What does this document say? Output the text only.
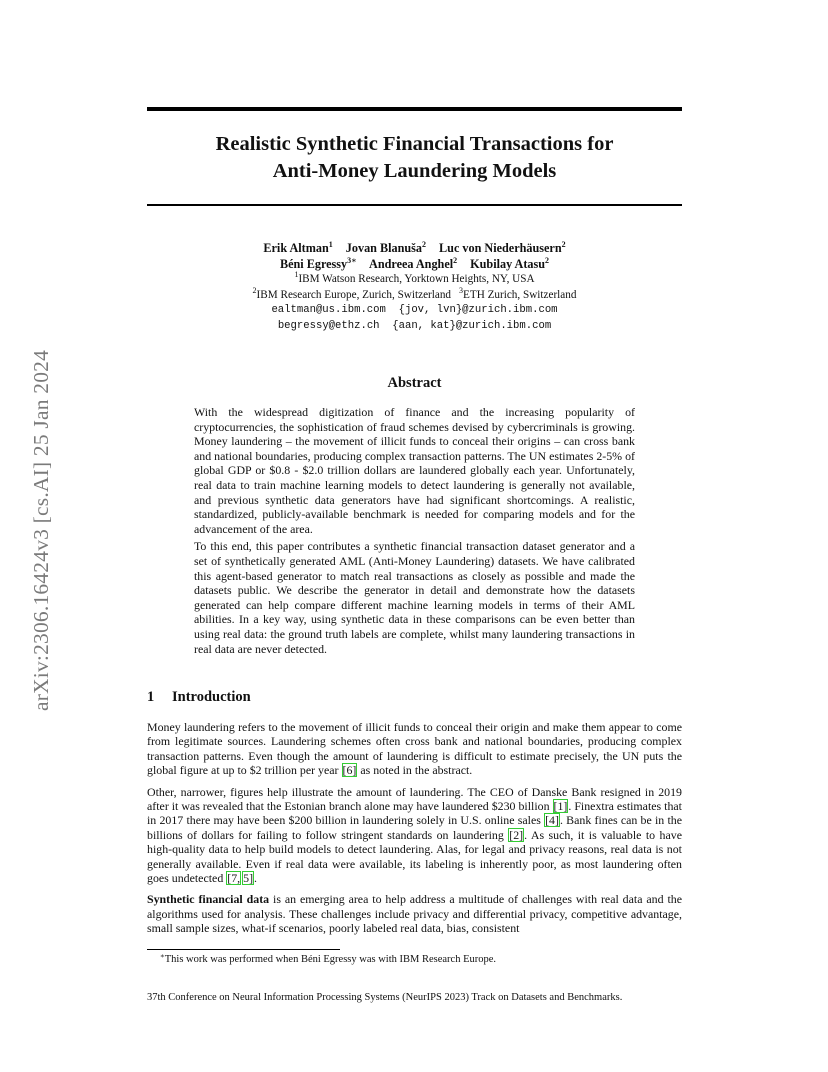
arXiv:2306.16424v3 [cs.AI] 25 Jan 2024
Realistic Synthetic Financial Transactions for
Anti-Money Laundering Models
Erik Altman$^1$ Jovan Blanuša$^2$ Luc von Niederhäusern$^2$
Béni Egressy$^{3∗}$ Andreea Anghel$^2$ Kubilay Atasu$^2$
$^1$IBM Watson Research, Yorktown Heights, NY, USA
$^2$IBM Research Europe, Zurich, Switzerland $^3$ETH Zurich, Switzerland
ealtman@us.ibm.com  {jov, lvn}@zurich.ibm.com
begressy@ethz.ch  {aan, kat}@zurich.ibm.com
Abstract

With the widespread digitization of finance and the increasing popularity of cryptocurrencies, the sophistication of fraud schemes devised by cybercriminals is growing. Money laundering – the movement of illicit funds to conceal their origins – can cross bank and national boundaries, producing complex transaction patterns. The UN estimates 2-5% of global GDP or $0.8 - $2.0 trillion dollars are laundered globally each year. Unfortunately, real data to train machine learning models to detect laundering is generally not available, and previous synthetic data generators have had significant shortcomings. A realistic, standardized, publicly-available benchmark is needed for comparing models and for the advancement of the area.

To this end, this paper contributes a synthetic financial transaction dataset generator and a set of synthetically generated AML (Anti-Money Laundering) datasets. We have calibrated this agent-based generator to match real transactions as closely as possible and made the datasets public. We describe the generator in detail and demonstrate how the datasets generated can help compare different machine learning models in terms of their AML abilities. In a key way, using synthetic data in these comparisons can be even better than using real data: the ground truth labels are complete, whilst many laundering transactions in real data are never detected.

1 Introduction

Money laundering refers to the movement of illicit funds to conceal their origin and make them appear to come from legitimate sources. Laundering schemes often cross bank and national boundaries, producing complex transaction patterns. Even though the amount of laundering is difficult to estimate precisely, the UN puts the global figure at up to $2 trillion per year [6] as noted in the abstract.

Other, narrower, figures help illustrate the amount of laundering. The CEO of Danske Bank resigned in 2019 after it was revealed that the Estonian branch alone may have laundered $230 billion [1]. Finextra estimates that in 2017 there may have been $200 billion in laundering solely in U.S. online sales [4]. Bank fines can be in the billions of dollars for failing to follow stringent standards on laundering [2]. As such, it is valuable to have high-quality data to help build models to detect laundering. Alas, for legal and privacy reasons, real data is not generally available. Even if real data were available, its labeling is inherently poor, as most laundering often goes undetected [7,  5].

Synthetic financial data is an emerging area to help address a multitude of challenges with real data and the algorithms used for analysis. These challenges include privacy and differential privacy, competitive advantage, small sample sizes, what-if scenarios, poorly labeled real data, bias, consistent

∗This work was performed when Béni Egressy was with IBM Research Europe.
37th Conference on Neural Information Processing Systems (NeurIPS 2023) Track on Datasets and Benchmarks.
